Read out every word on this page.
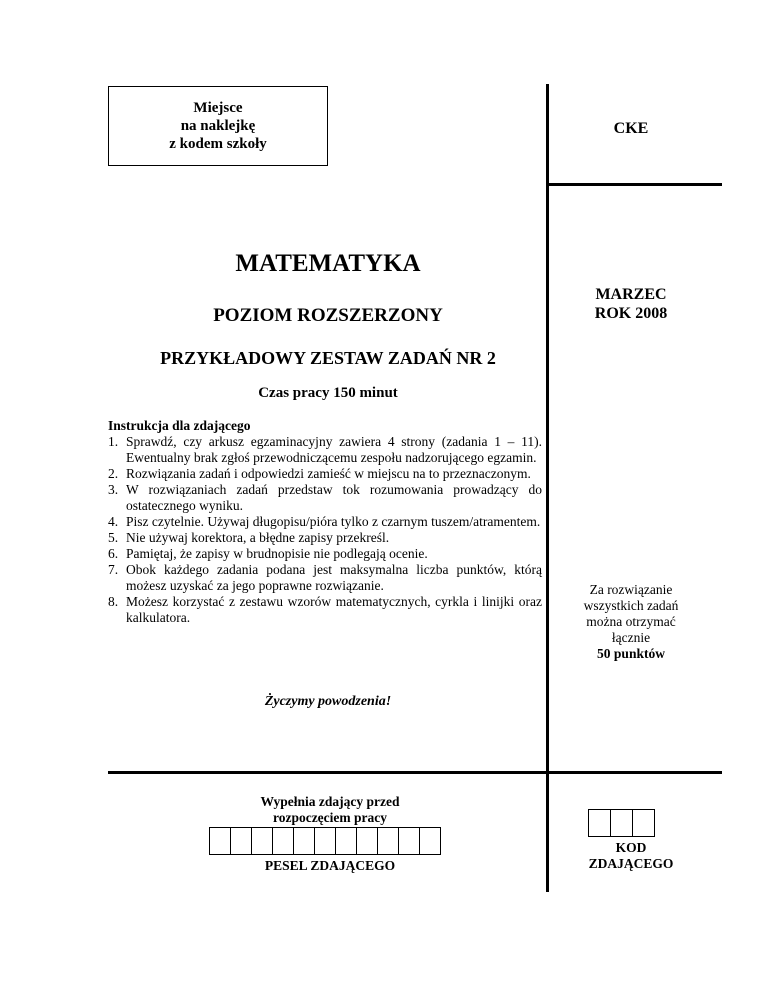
Miejsce
na naklejkę
z kodem szkoły
CKE
MATEMATYKA
POZIOM ROZSZERZONY
MARZEC
ROK 2008
PRZYKŁADOWY ZESTAW ZADAŃ NR 2
Czas pracy 150 minut
Instrukcja dla zdającego
1. Sprawdź, czy arkusz egzaminacyjny zawiera 4 strony (zadania 1 – 11). Ewentualny brak zgłoś przewodniczącemu zespołu nadzorującego egzamin.
2. Rozwiązania zadań i odpowiedzi zamieść w miejscu na to przeznaczonym.
3. W rozwiązaniach zadań przedstaw tok rozumowania prowadzący do ostatecznego wyniku.
4. Pisz czytelnie. Używaj długopisu/pióra tylko z czarnym tuszem/atramentem.
5. Nie używaj korektora, a błędne zapisy przekreśl.
6. Pamiętaj, że zapisy w brudnopisie nie podlegają ocenie.
7. Obok każdego zadania podana jest maksymalna liczba punktów, którą możesz uzyskać za jego poprawne rozwiązanie.
8. Możesz korzystać z zestawu wzorów matematycznych, cyrkla i linijki oraz kalkulatora.
Za rozwiązanie
wszystkich zadań
można otrzymać
łącznie
50 punktów
Życzymy powodzenia!
Wypełnia zdający przed
rozpoczęciem pracy
PESEL ZDAJĄCEGO
KOD
ZDAJĄCEGO
